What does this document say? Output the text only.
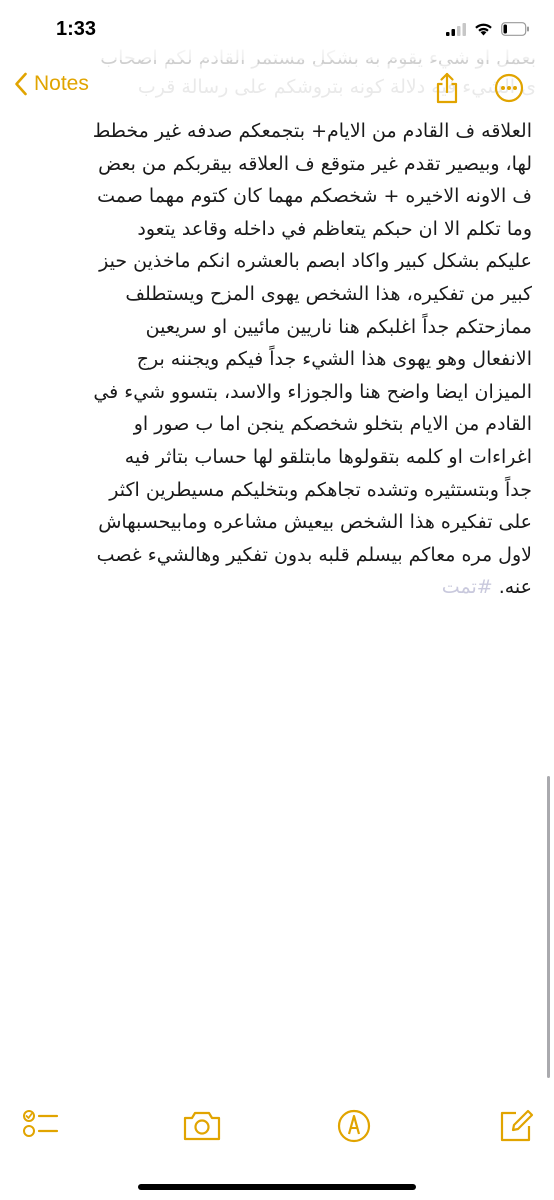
1:33
Notes
العلاقه ف القادم من الايام+ بتجمعكم صدفه غير مخطط
لها، وبيصير تقدم غير متوقع ف العلاقه بيقربكم من بعض
ف الاونه الاخيره + شخصكم مهما كان كتوم مهما صمت
وما تكلم الا ان حبكم يتعاظم في داخله وقاعد يتعود
عليكم بشكل كبير واكاد ابصم بالعشره انكم ماخذين حيز
كبير من تفكيره، هذا الشخص يهوى المزح ويستطلف
ممازحتكم جداً اغلبكم هنا ناريين مائيين او سريعين
الانفعال وهو يهوى هذا الشيء جداً فيكم ويجننه برج
الميزان ايضا واضح هنا والجوزاء والاسد، بتسوو شيء في
القادم من الايام بتخلو شخصكم ينجن اما ب صور او
اغراءات او كلمه بتقولوها مابتلقو لها حساب بتاثر فيه
جداً وبتستثيره وتشده تجاهكم وبتخليكم مسيطرين اكثر
على تفكيره هذا الشخص بيعيش مشاعره ومابيحسبهاش
لاول مره معاكم بيسلم قلبه بدون تفكير وهالشيء غصب
عنه. #تمت
